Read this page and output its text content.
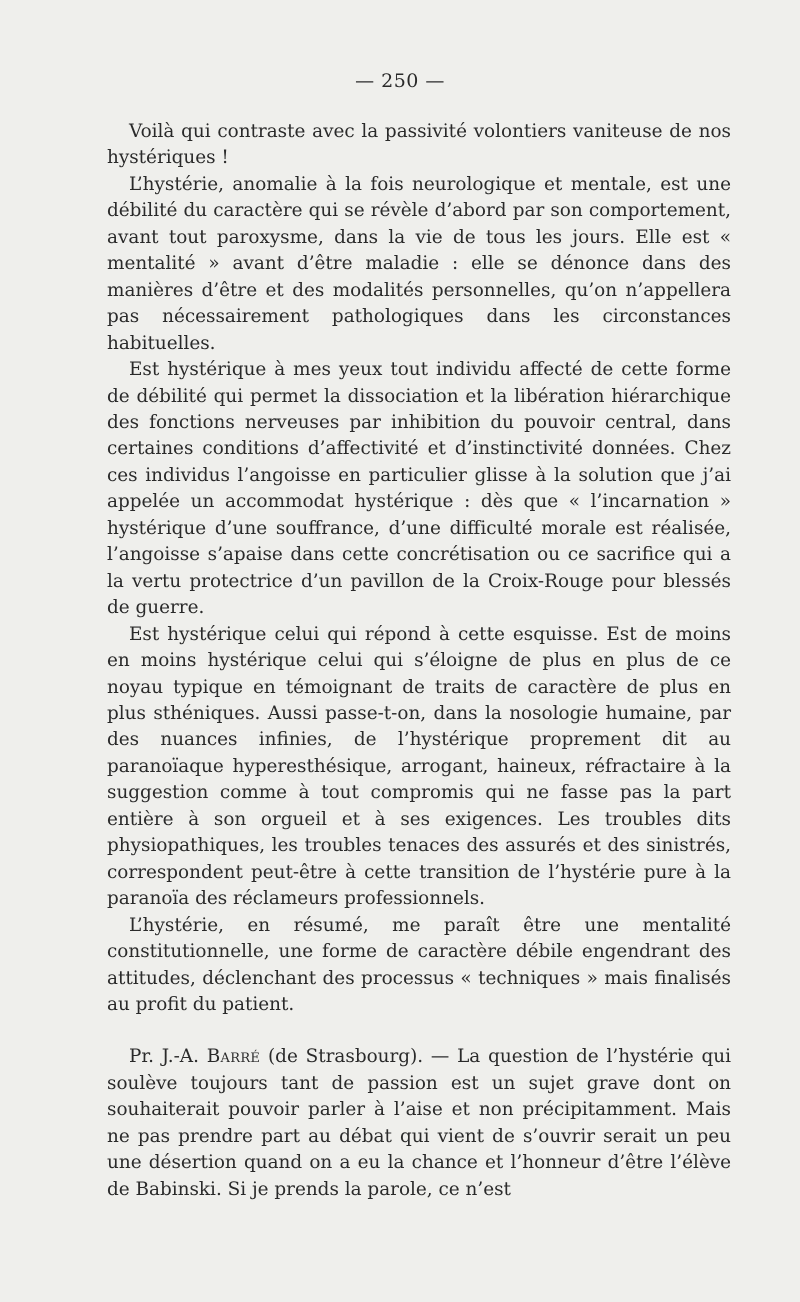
— 250 —

Voilà qui contraste avec la passivité volontiers vaniteuse de nos hystériques !

L’hystérie, anomalie à la fois neurologique et mentale, est une débilité du caractère qui se révèle d’abord par son comportement, avant tout paroxysme, dans la vie de tous les jours. Elle est « mentalité » avant d’être maladie : elle se dénonce dans des manières d’être et des modalités personnelles, qu’on n’appellera pas nécessairement pathologiques dans les circonstances habituelles.

Est hystérique à mes yeux tout individu affecté de cette forme de débilité qui permet la dissociation et la libération hiérarchique des fonctions nerveuses par inhibition du pouvoir central, dans certaines conditions d’affectivité et d’instinctivité données. Chez ces individus l’angoisse en particulier glisse à la solution que j’ai appelée un accommodat hystérique : dès que « l’incarnation » hystérique d’une souffrance, d’une difficulté morale est réalisée, l’angoisse s’apaise dans cette concrétisation ou ce sacrifice qui a la vertu protectrice d’un pavillon de la Croix-Rouge pour blessés de guerre.

Est hystérique celui qui répond à cette esquisse. Est de moins en moins hystérique celui qui s’éloigne de plus en plus de ce noyau typique en témoignant de traits de caractère de plus en plus sthéniques. Aussi passe-t-on, dans la nosologie humaine, par des nuances infinies, de l’hystérique proprement dit au paranoïaque hyperesthésique, arrogant, haineux, réfractaire à la suggestion comme à tout compromis qui ne fasse pas la part entière à son orgueil et à ses exigences. Les troubles dits physiopathiques, les troubles tenaces des assurés et des sinistrés, correspondent peut-être à cette transition de l’hystérie pure à la paranoïa des réclameurs professionnels.

L’hystérie, en résumé, me paraît être une mentalité constitutionnelle, une forme de caractère débile engendrant des attitudes, déclenchant des processus « techniques » mais finalisés au profit du patient.

Pr. J.-A. Barré (de Strasbourg). — La question de l’hystérie qui soulève toujours tant de passion est un sujet grave dont on souhaiterait pouvoir parler à l’aise et non précipitamment. Mais ne pas prendre part au débat qui vient de s’ouvrir serait un peu une désertion quand on a eu la chance et l’honneur d’être l’élève de Babinski. Si je prends la parole, ce n’est
